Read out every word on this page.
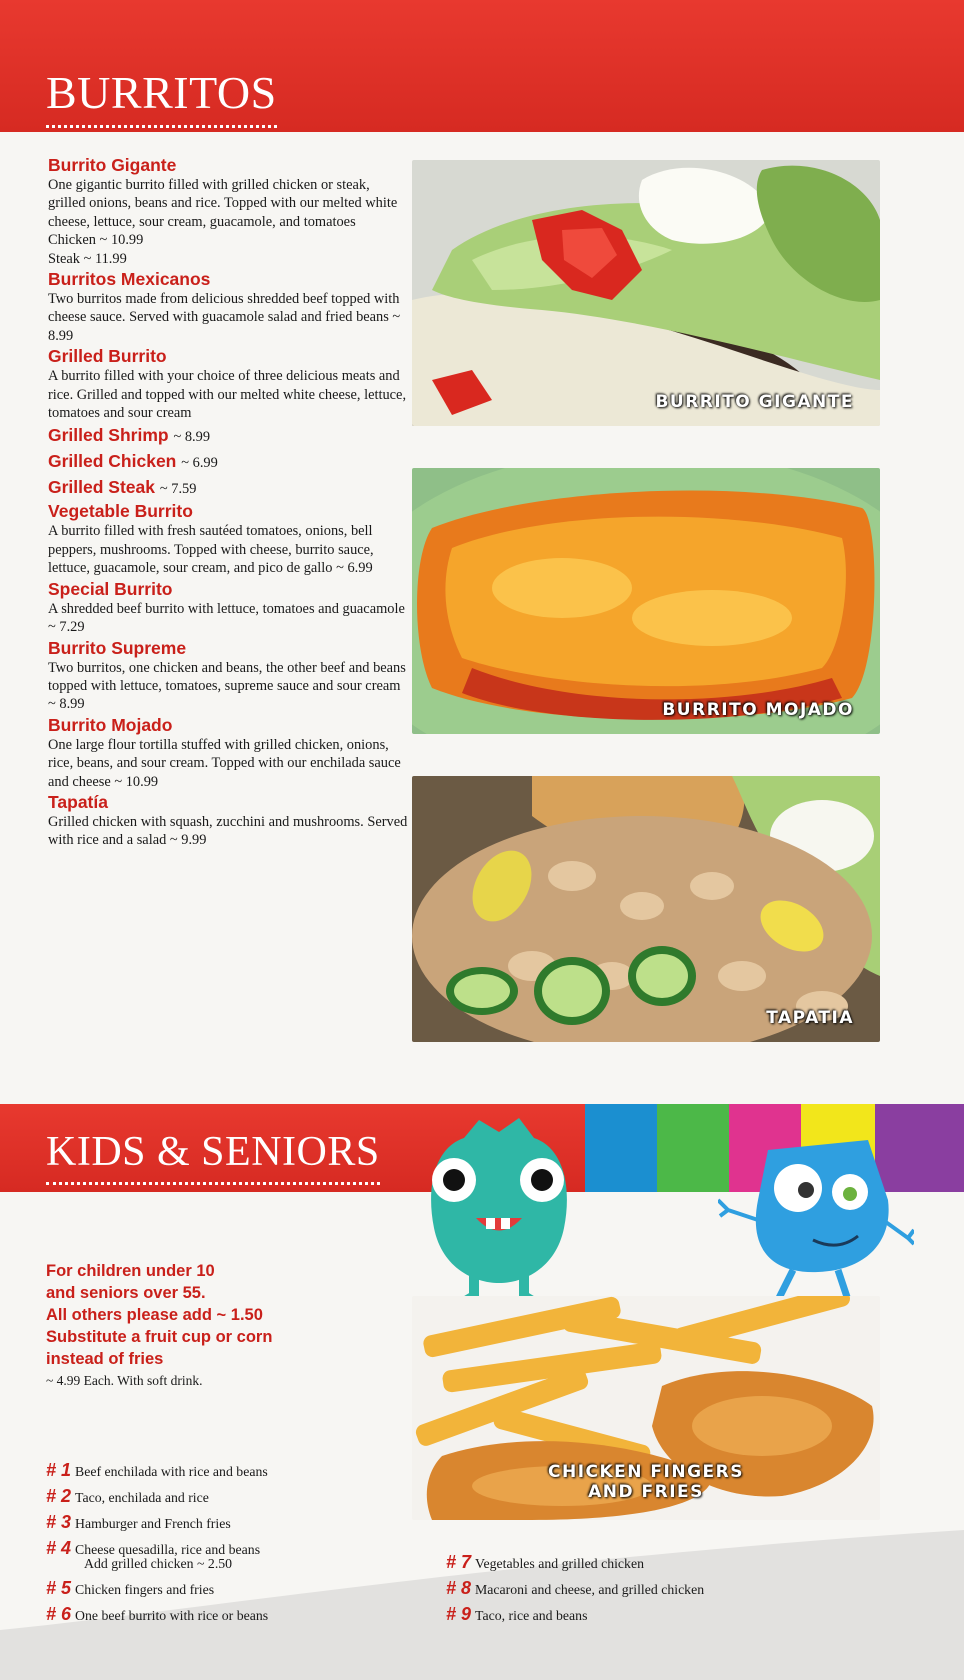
BURRITOS
Burrito Gigante
One gigantic burrito filled with grilled chicken or steak, grilled onions, beans and rice. Topped with our melted white cheese, lettuce, sour cream, guacamole, and tomatoes
Chicken ~ 10.99
Steak ~ 11.99
Burritos Mexicanos
Two burritos made from delicious shredded beef topped with cheese sauce. Served with guacamole salad and fried beans ~ 8.99
Grilled Burrito
A burrito filled with your choice of three delicious meats and rice. Grilled and topped with our melted white cheese, lettuce, tomatoes and sour cream
Grilled Shrimp ~ 8.99
Grilled Chicken ~ 6.99
Grilled Steak ~ 7.59
Vegetable Burrito
A burrito filled with fresh sautéed tomatoes, onions, bell peppers, mushrooms. Topped with cheese, burrito sauce, lettuce, guacamole, sour cream, and pico de gallo ~ 6.99
Special Burrito
A shredded beef burrito with lettuce, tomatoes and guacamole ~ 7.29
Burrito Supreme
Two burritos, one chicken and beans, the other beef and beans topped with lettuce, tomatoes, supreme sauce and sour cream ~ 8.99
Burrito Mojado
One large flour tortilla stuffed with grilled chicken, onions, rice, beans, and sour cream. Topped with our enchilada sauce and cheese ~ 10.99
Tapatía
Grilled chicken with squash, zucchini and mushrooms. Served with rice and a salad ~ 9.99
BURRITO GIGANTE
BURRITO MOJADO
TAPATIA
KIDS & SENIORS
For children under 10
and seniors over 55.
All others please add ~ 1.50
Substitute a fruit cup or corn
instead of fries
~ 4.99 Each. With soft drink.
CHICKEN FINGERS
AND FRIES
# 1 Beef enchilada with rice and beans
# 2 Taco, enchilada and rice
# 3 Hamburger and French fries
# 4 Cheese quesadilla, rice and beans
Add grilled chicken ~ 2.50
# 5 Chicken fingers and fries
# 6 One beef burrito with rice or beans
# 7 Vegetables and grilled chicken
# 8 Macaroni and cheese, and grilled chicken
# 9 Taco, rice and beans
